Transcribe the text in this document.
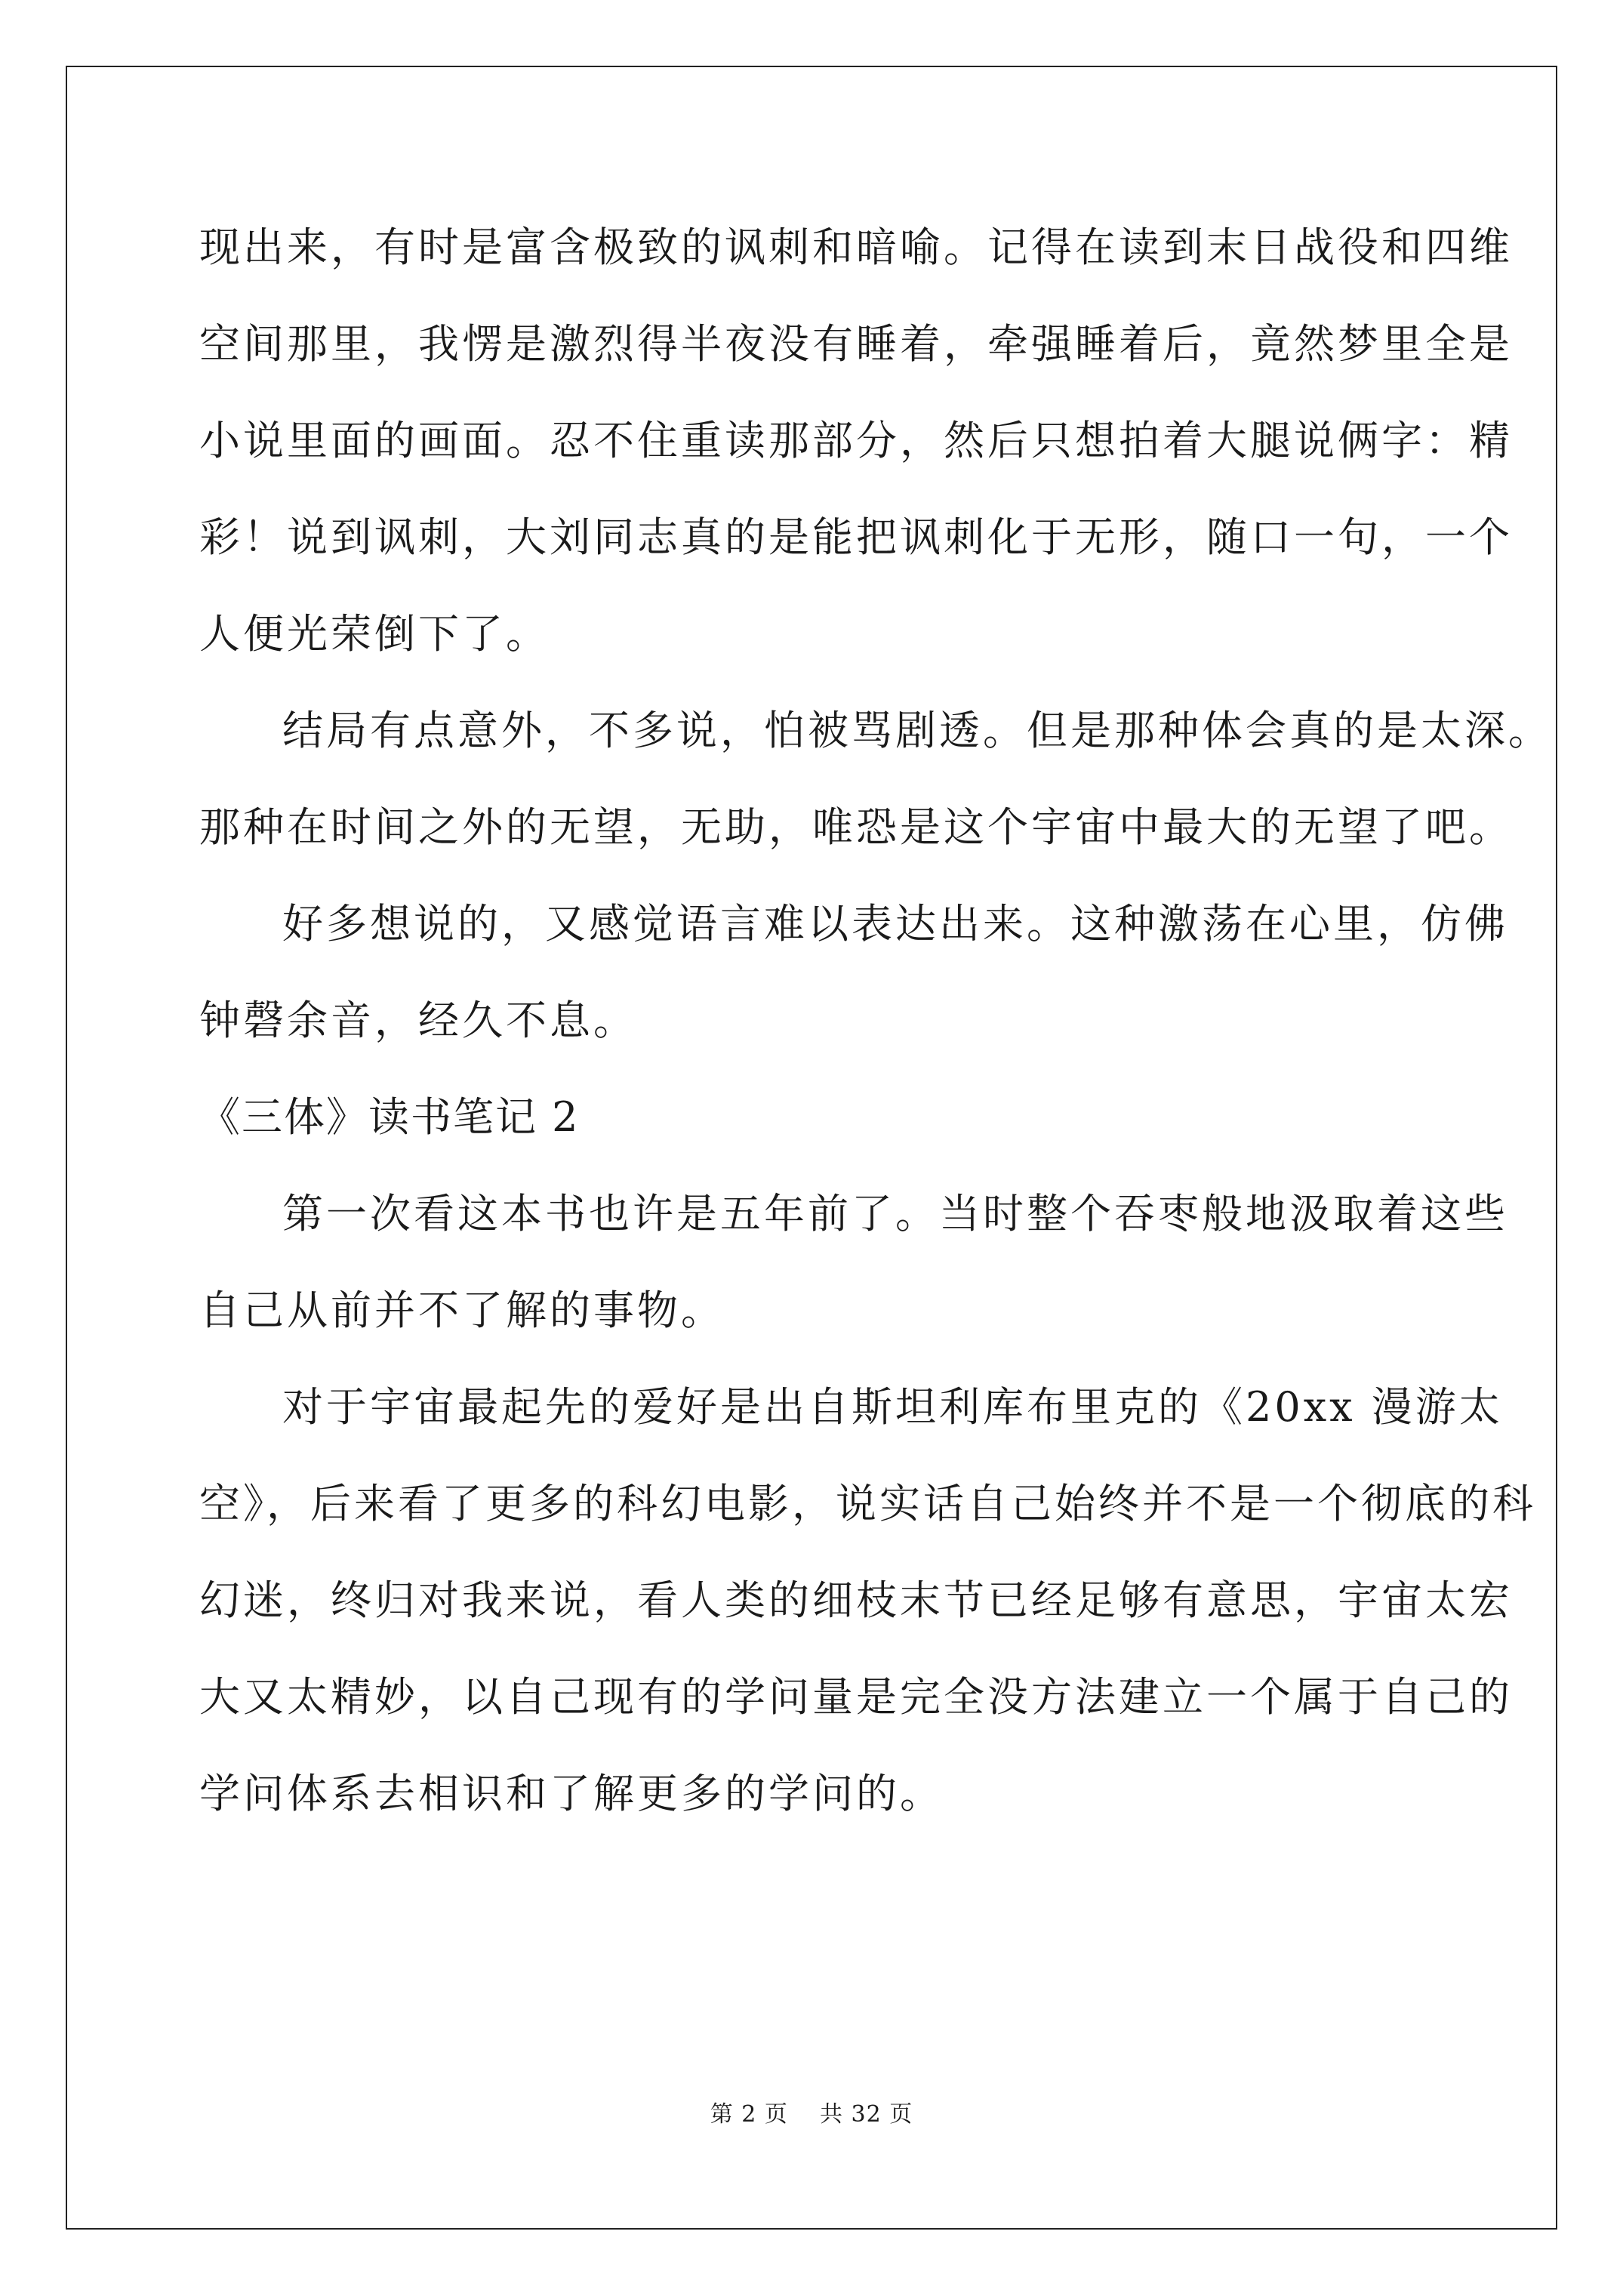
现出来，有时是富含极致的讽刺和暗喻。记得在读到末日战役和四维
空间那里，我愣是激烈得半夜没有睡着，牵强睡着后，竟然梦里全是
小说里面的画面。忍不住重读那部分，然后只想拍着大腿说俩字：精
彩！说到讽刺，大刘同志真的是能把讽刺化于无形，随口一句，一个
人便光荣倒下了。
结局有点意外，不多说，怕被骂剧透。但是那种体会真的是太深。
那种在时间之外的无望，无助，唯恐是这个宇宙中最大的无望了吧。
好多想说的，又感觉语言难以表达出来。这种激荡在心里，仿佛
钟磬余音，经久不息。
《三体》读书笔记 2
第一次看这本书也许是五年前了。当时整个吞枣般地汲取着这些
自己从前并不了解的事物。
对于宇宙最起先的爱好是出自斯坦利库布里克的《20xx 漫游太
空》，后来看了更多的科幻电影，说实话自己始终并不是一个彻底的科
幻迷，终归对我来说，看人类的细枝末节已经足够有意思，宇宙太宏
大又太精妙，以自己现有的学问量是完全没方法建立一个属于自己的
学问体系去相识和了解更多的学问的。
第 2 页    共 32 页
